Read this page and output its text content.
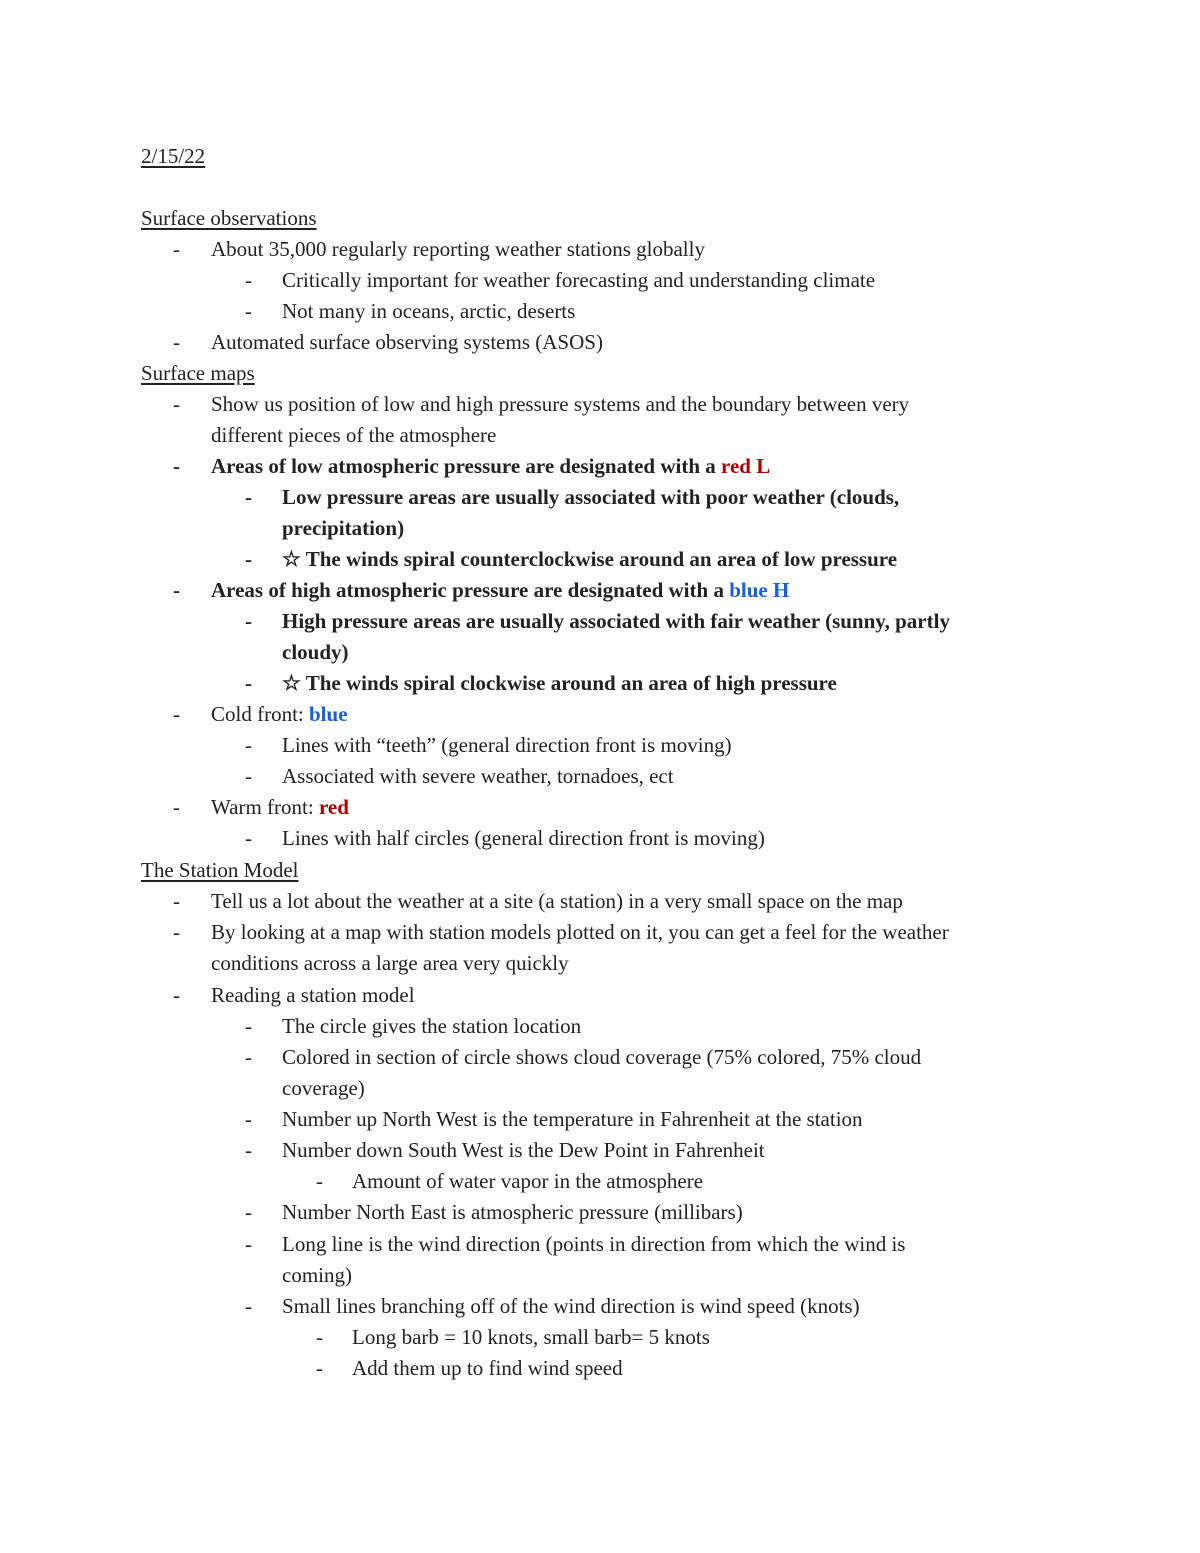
2/15/22
Surface observations
- About 35,000 regularly reporting weather stations globally
- Critically important for weather forecasting and understanding climate
- Not many in oceans, arctic, deserts
- Automated surface observing systems (ASOS)
Surface maps
- Show us position of low and high pressure systems and the boundary between very
different pieces of the atmosphere
- Areas of low atmospheric pressure are designated with a red L
- Low pressure areas are usually associated with poor weather (clouds,
precipitation)
- ☆ The winds spiral counterclockwise around an area of low pressure
- Areas of high atmospheric pressure are designated with a blue H
- High pressure areas are usually associated with fair weather (sunny, partly
cloudy)
- ☆ The winds spiral clockwise around an area of high pressure
- Cold front: blue
- Lines with “teeth” (general direction front is moving)
- Associated with severe weather, tornadoes, ect
- Warm front: red
- Lines with half circles (general direction front is moving)
The Station Model
- Tell us a lot about the weather at a site (a station) in a very small space on the map
- By looking at a map with station models plotted on it, you can get a feel for the weather
conditions across a large area very quickly
- Reading a station model
- The circle gives the station location
- Colored in section of circle shows cloud coverage (75% colored, 75% cloud
coverage)
- Number up North West is the temperature in Fahrenheit at the station
- Number down South West is the Dew Point in Fahrenheit
- Amount of water vapor in the atmosphere
- Number North East is atmospheric pressure (millibars)
- Long line is the wind direction (points in direction from which the wind is
coming)
- Small lines branching off of the wind direction is wind speed (knots)
- Long barb = 10 knots, small barb= 5 knots
- Add them up to find wind speed
